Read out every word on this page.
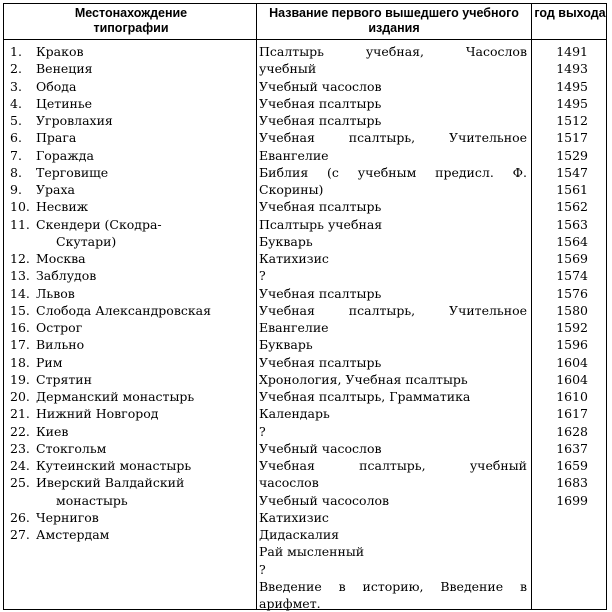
Местонахождение типографии
Название первого вышедшего учебного издания
год выхода
1. Краков
2. Венеция
3. Обода
4. Цетинье
5. Угровлахия
6. Прага
7. Горажда
8. Терговище
9. Ураха
10. Несвиж
11. Скендери (Скодра-
Скутари)
12. Москва
13. Заблудов
14. Львов
15. Слобода Александровская
16. Острог
17. Вильно
18. Рим
19. Стрятин
20. Дерманский монастырь
21. Нижний Новгород
22. Киев
23. Стокгольм
24. Кутеинский монастырь
25. Иверский Валдайский
монастырь
26. Чернигов
27. Амстердам
Псалтырь учебная, Часослов
учебный
Учебный часослов
Учебная псалтырь
Учебная псалтырь
Учебная псалтырь, Учительное
Евангелие
Библия (с учебным предисл. Ф.
Скорины)
Учебная псалтырь
Псалтырь учебная
Букварь
Катихизис
?
Учебная псалтырь
Учебная псалтырь, Учительное
Евангелие
Букварь
Учебная псалтырь
Хронология, Учебная псалтырь
Учебная псалтырь, Грамматика
Календарь
?
Учебный часослов
Учебная псалтырь, учебный
часослов
Учебный часосолов
Катихизис
Дидаскалия
Рай мысленный
?
Введение в историю, Введение в
арифмет.
1491
1493
1495
1495
1512
1517
1529
1547
1561
1562
1563
1564
1569
1574
1576
1580
1592
1596
1604
1604
1610
1617
1628
1637
1659
1683
1699
